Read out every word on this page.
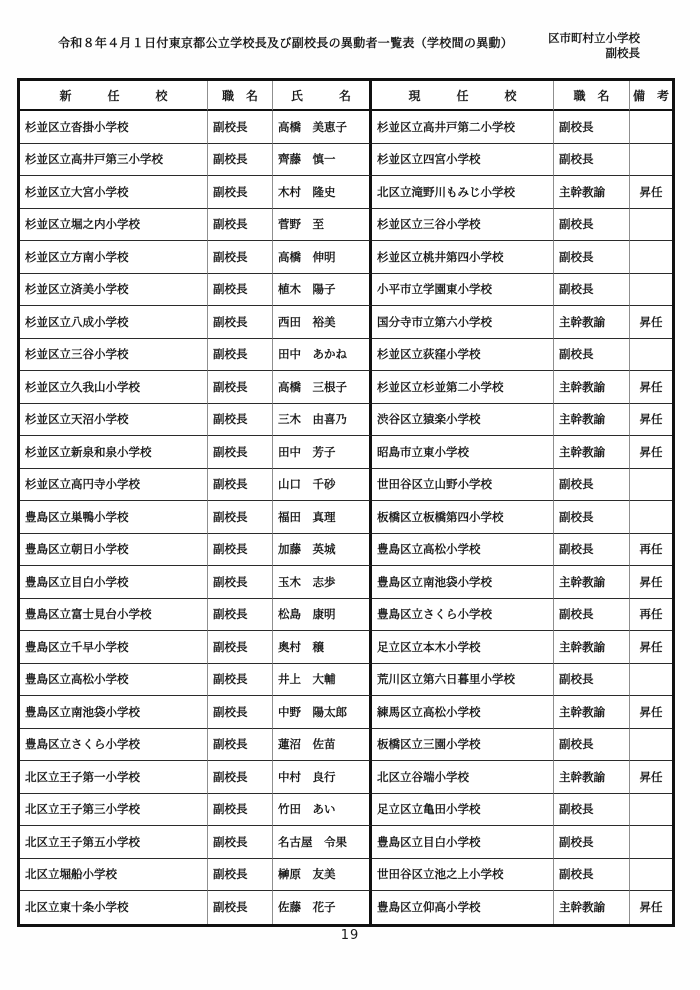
令和８年４月１日付東京都公立学校長及び副校長の異動者一覧表（学校間の異動）	区市町村立小学校
副校長
新　　　任　　　校	職　名	氏　　　名	現　　　任　　　校	職　名	備　考
杉並区立沓掛小学校	副校長	高橋　美恵子	杉並区立高井戸第二小学校	副校長
杉並区立高井戸第三小学校	副校長	齊藤　慎一	杉並区立四宮小学校	副校長
杉並区立大宮小学校	副校長	木村　隆史	北区立滝野川もみじ小学校	主幹教諭	昇任
杉並区立堀之内小学校	副校長	菅野　至	杉並区立三谷小学校	副校長
杉並区立方南小学校	副校長	高橋　伸明	杉並区立桃井第四小学校	副校長
杉並区立済美小学校	副校長	植木　陽子	小平市立学園東小学校	副校長
杉並区立八成小学校	副校長	西田　裕美	国分寺市立第六小学校	主幹教諭	昇任
杉並区立三谷小学校	副校長	田中　あかね	杉並区立荻窪小学校	副校長
杉並区立久我山小学校	副校長	高橋　三根子	杉並区立杉並第二小学校	主幹教諭	昇任
杉並区立天沼小学校	副校長	三木　由喜乃	渋谷区立猿楽小学校	主幹教諭	昇任
杉並区立新泉和泉小学校	副校長	田中　芳子	昭島市立東小学校	主幹教諭	昇任
杉並区立高円寺小学校	副校長	山口　千砂	世田谷区立山野小学校	副校長
豊島区立巣鴨小学校	副校長	福田　真理	板橋区立板橋第四小学校	副校長
豊島区立朝日小学校	副校長	加藤　英城	豊島区立高松小学校	副校長	再任
豊島区立目白小学校	副校長	玉木　志歩	豊島区立南池袋小学校	主幹教諭	昇任
豊島区立富士見台小学校	副校長	松島　康明	豊島区立さくら小学校	副校長	再任
豊島区立千早小学校	副校長	奥村　穣	足立区立本木小学校	主幹教諭	昇任
豊島区立高松小学校	副校長	井上　大輔	荒川区立第六日暮里小学校	副校長
豊島区立南池袋小学校	副校長	中野　陽太郎	練馬区立高松小学校	主幹教諭	昇任
豊島区立さくら小学校	副校長	蓮沼　佐苗	板橋区立三園小学校	副校長
北区立王子第一小学校	副校長	中村　良行	北区立谷端小学校	主幹教諭	昇任
北区立王子第三小学校	副校長	竹田　あい	足立区立亀田小学校	副校長
北区立王子第五小学校	副校長	名古屋　令果	豊島区立目白小学校	副校長
北区立堀船小学校	副校長	榊原　友美	世田谷区立池之上小学校	副校長
北区立東十条小学校	副校長	佐藤　花子	豊島区立仰高小学校	主幹教諭	昇任
19
